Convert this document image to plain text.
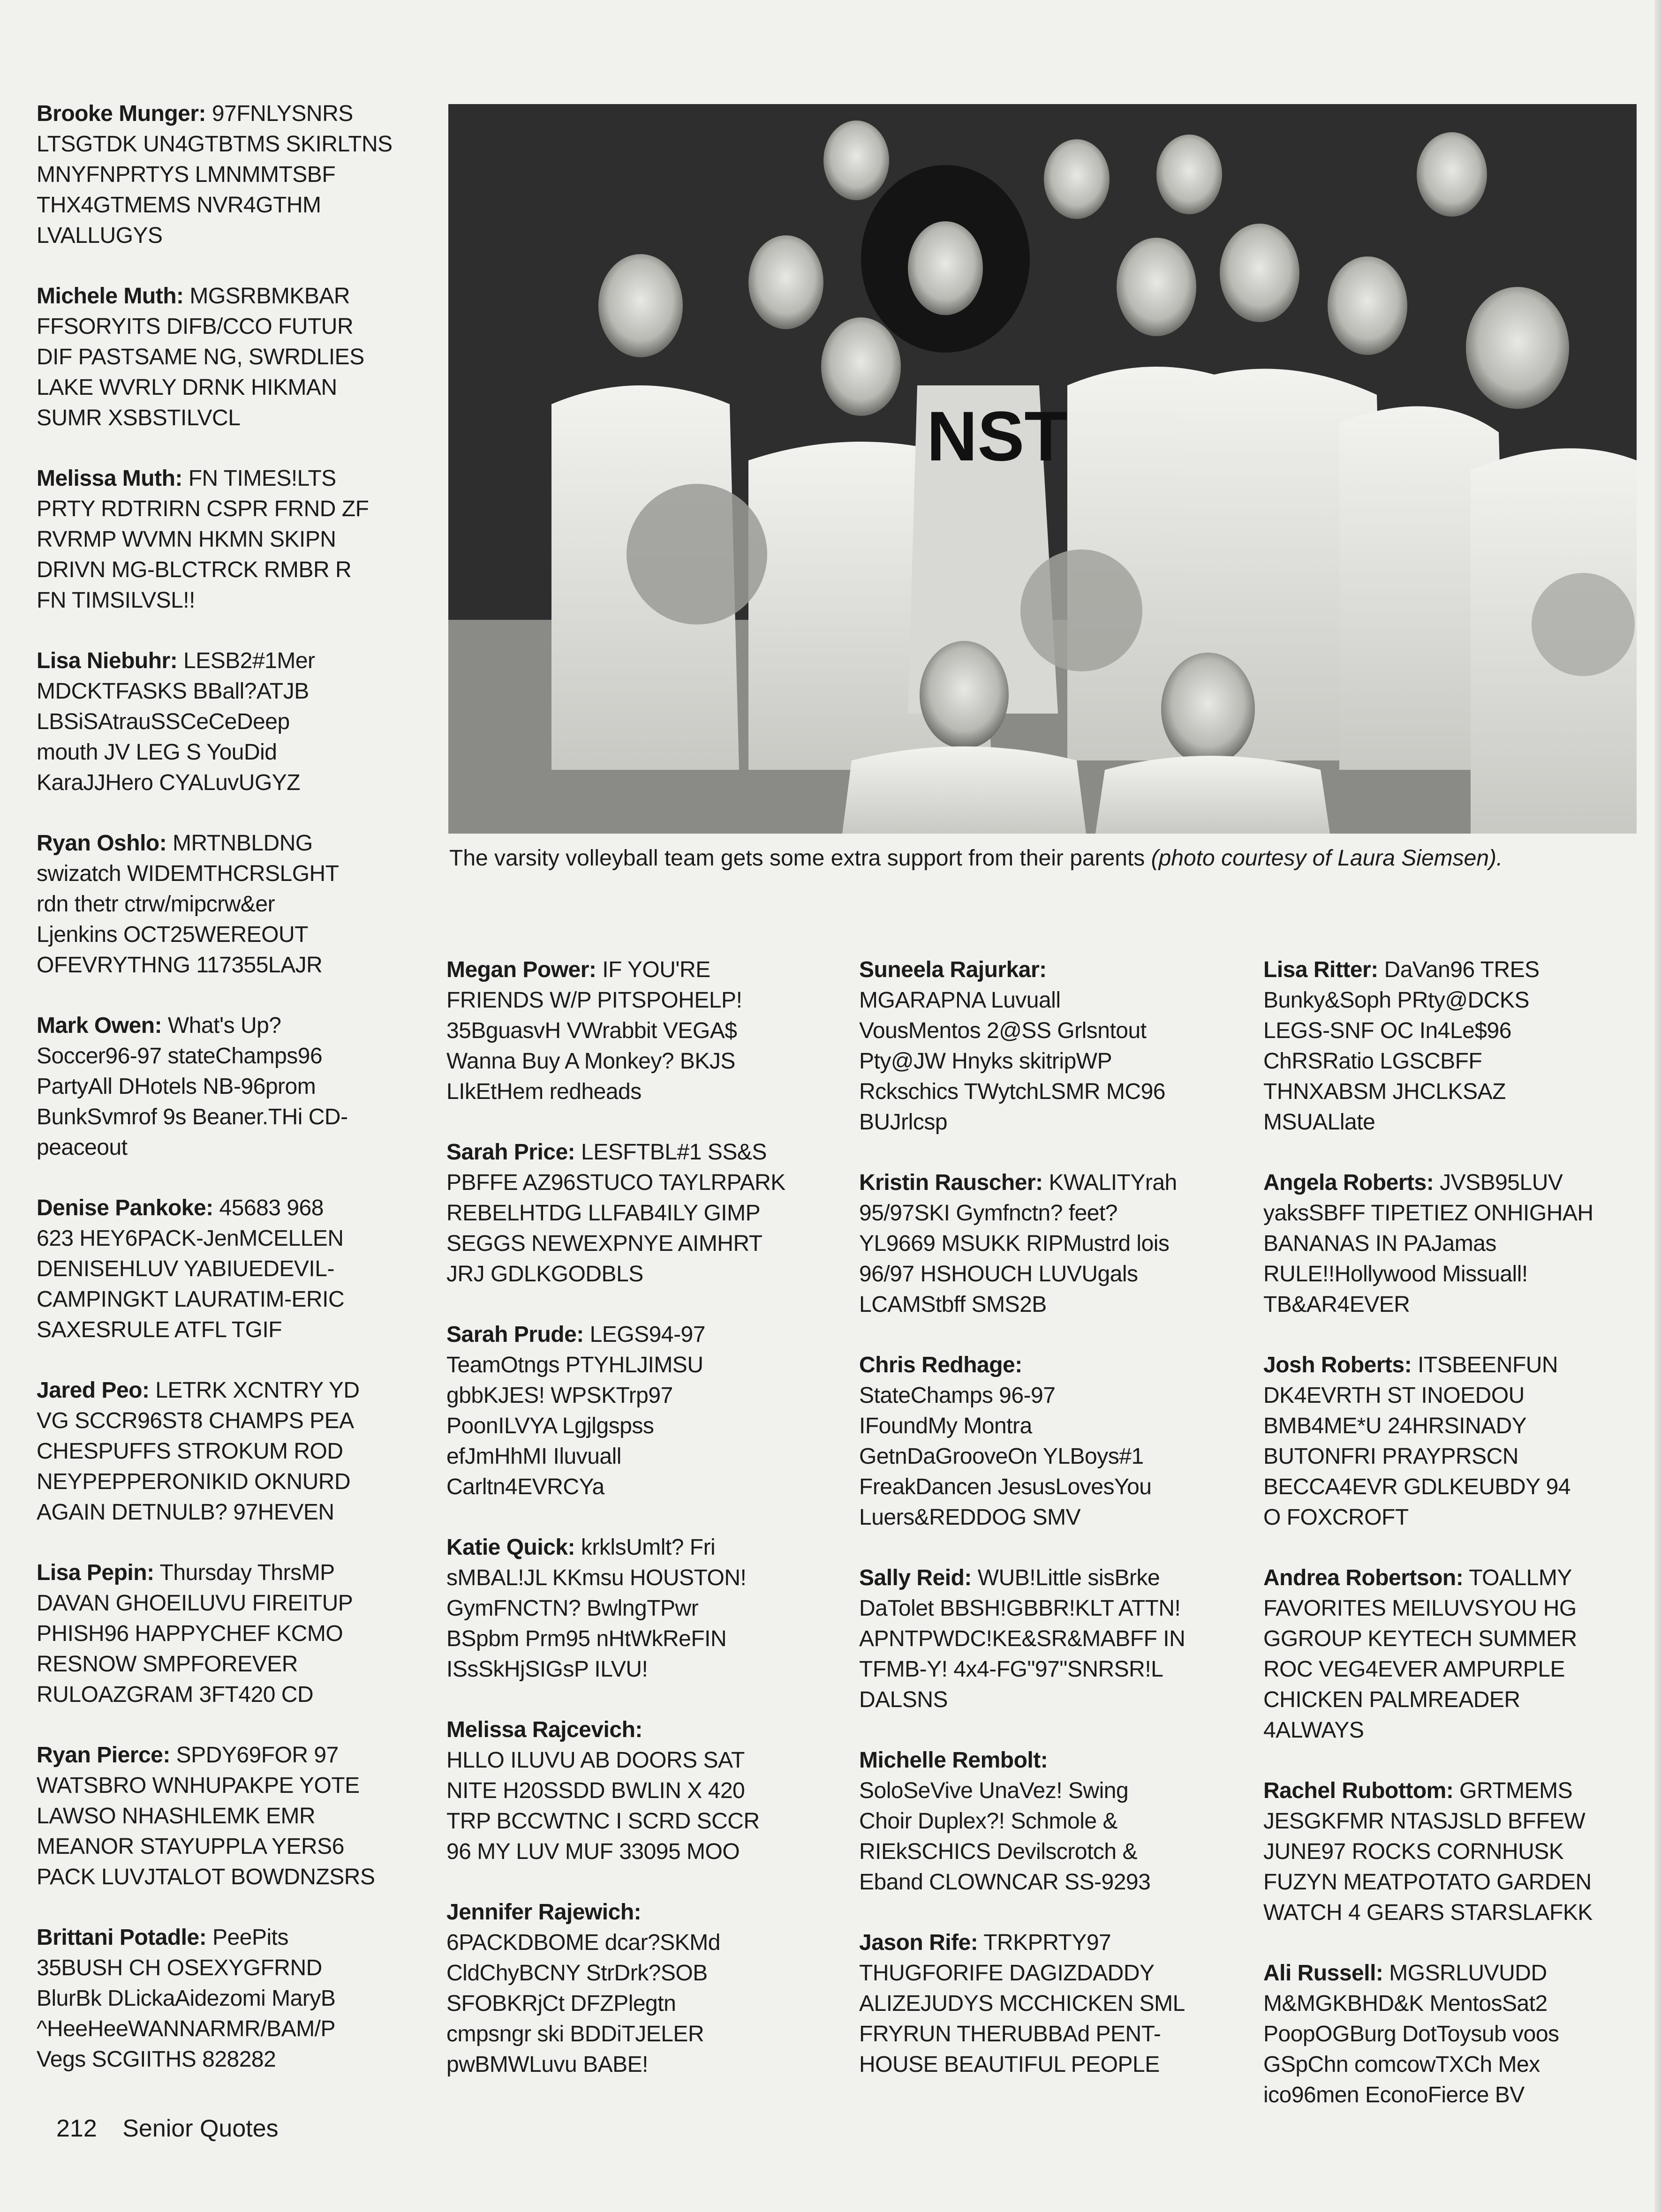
Brooke Munger: 97FNLYSNRS
LTSGTDK UN4GTBTMS SKIRLTNS
MNYFNPRTYS LMNMMTSBF
THX4GTMEMS NVR4GTHM
LVALLUGYS
Michele Muth: MGSRBMKBAR
FFSORYITS DIFB/CCO FUTUR
DIF PASTSAME NG, SWRDLIES
LAKE WVRLY DRNK HIKMAN
SUMR XSBSTILVCL
Melissa Muth: FN TIMES!LTS
PRTY RDTRIRN CSPR FRND ZF
RVRMP WVMN HKMN SKIPN
DRIVN MG-BLCTRCK RMBR R
FN TIMSILVSL!!
Lisa Niebuhr: LESB2#1Mer
MDCKTFASKS BBall?ATJB
LBSiSAtrauSSCeCeDeep
mouth JV LEG S YouDid
KaraJJHero CYALuvUGYZ
Ryan Oshlo: MRTNBLDNG
swizatch WIDEMTHCRSLGHT
rdn thetr ctrw/mipcrw&er
Ljenkins OCT25WEREOUT
OFEVRYTHNG 117355LAJR
Mark Owen: What's Up?
Soccer96-97 stateChamps96
PartyAll DHotels NB-96prom
BunkSvmrof 9s Beaner.THi CD-
peaceout
Denise Pankoke: 45683 968
623 HEY6PACK-JenMCELLEN
DENISEHLUV YABIUEDEVIL-
CAMPINGKT LAURATIM-ERIC
SAXESRULE ATFL TGIF
Jared Peo: LETRK XCNTRY YD
VG SCCR96ST8 CHAMPS PEA
CHESPUFFS STROKUM ROD
NEYPEPPERONIKID OKNURD
AGAIN DETNULB? 97HEVEN
Lisa Pepin: Thursday ThrsMP
DAVAN GHOEILUVU FIREITUP
PHISH96 HAPPYCHEF KCMO
RESNOW SMPFOREVER
RULOAZGRAM 3FT420 CD
Ryan Pierce: SPDY69FOR 97
WATSBRO WNHUPAKPE YOTE
LAWSO NHASHLEMK EMR
MEANOR STAYUPPLA YERS6
PACK LUVJTALOT BOWDNZSRS
Brittani Potadle: PeePits
35BUSH CH OSEXYGFRND
BlurBk DLickaAidezomi MaryB
^HeeHeeWANNARMR/BAM/P
Vegs SCGIITHS 828282
NST
The varsity volleyball team gets some extra support from their parents (photo courtesy of Laura Siemsen).
Megan Power: IF YOU'RE
FRIENDS W/P PITSPOHELP!
35BguasvH VWrabbit VEGA$
Wanna Buy A Monkey? BKJS
LIkEtHem redheads
Sarah Price: LESFTBL#1 SS&S
PBFFE AZ96STUCO TAYLRPARK
REBELHTDG LLFAB4ILY GIMP
SEGGS NEWEXPNYE AIMHRT
JRJ GDLKGODBLS
Sarah Prude: LEGS94-97
TeamOtngs PTYHLJIMSU
gbbKJES! WPSKTrp97
PoonILVYA Lgjlgspss
efJmHhMI Iluvuall
Carltn4EVRCYa
Katie Quick: krklsUmlt? Fri
sMBAL!JL KKmsu HOUSTON!
GymFNCTN? BwlngTPwr
BSpbm Prm95 nHtWkReFIN
ISsSkHjSIGsP ILVU!
Melissa Rajcevich:
HLLO ILUVU AB DOORS SAT
NITE H20SSDD BWLIN X 420
TRP BCCWTNC I SCRD SCCR
96 MY LUV MUF 33095 MOO
Jennifer Rajewich:
6PACKDBOME dcar?SKMd
CldChyBCNY StrDrk?SOB
SFOBKRjCt DFZPlegtn
cmpsngr ski BDDiTJELER
pwBMWLuvu BABE!
Suneela Rajurkar:
MGARAPNA Luvuall
VousMentos 2@SS Grlsntout
Pty@JW Hnyks skitripWP
Rckschics TWytchLSMR MC96
BUJrlcsp
Kristin Rauscher: KWALITYrah
95/97SKI Gymfnctn? feet?
YL9669 MSUKK RIPMustrd lois
96/97 HSHOUCH LUVUgals
LCAMStbff SMS2B
Chris Redhage:
StateChamps 96-97
IFoundMy Montra
GetnDaGrooveOn YLBoys#1
FreakDancen JesusLovesYou
Luers&REDDOG SMV
Sally Reid: WUB!Little sisBrke
DaTolet BBSH!GBBR!KLT ATTN!
APNTPWDC!KE&SR&MABFF IN
TFMB-Y! 4x4-FG"97"SNRSR!L
DALSNS
Michelle Rembolt:
SoloSeVive UnaVez! Swing
Choir Duplex?! Schmole &
RIEkSCHICS Devilscrotch &
Eband CLOWNCAR SS-9293
Jason Rife: TRKPRTY97
THUGFORIFE DAGIZDADDY
ALIZEJUDYS MCCHICKEN SML
FRYRUN THERUBBAd PENT-
HOUSE BEAUTIFUL PEOPLE
Lisa Ritter: DaVan96 TRES
Bunky&Soph PRty@DCKS
LEGS-SNF OC In4Le$96
ChRSRatio LGSCBFF
THNXABSM JHCLKSAZ
MSUALlate
Angela Roberts: JVSB95LUV
yaksSBFF TIPETIEZ ONHIGHAH
BANANAS IN PAJamas
RULE!!Hollywood Missuall!
TB&AR4EVER
Josh Roberts: ITSBEENFUN
DK4EVRTH ST INOEDOU
BMB4ME*U 24HRSINADY
BUTONFRI PRAYPRSCN
BECCA4EVR GDLKEUBDY 94
O FOXCROFT
Andrea Robertson: TOALLMY
FAVORITES MEILUVSYOU HG
GGROUP KEYTECH SUMMER
ROC VEG4EVER AMPURPLE
CHICKEN PALMREADER
4ALWAYS
Rachel Rubottom: GRTMEMS
JESGKFMR NTASJSLD BFFEW
JUNE97 ROCKS CORNHUSK
FUZYN MEATPOTATO GARDEN
WATCH 4 GEARS STARSLAFKK
Ali Russell: MGSRLUVUDD
M&MGKBHD&K MentosSat2
PoopOGBurg DotToysub voos
GSpChn comcowTXCh Mex
ico96men EconoFierce BV
212 Senior Quotes
